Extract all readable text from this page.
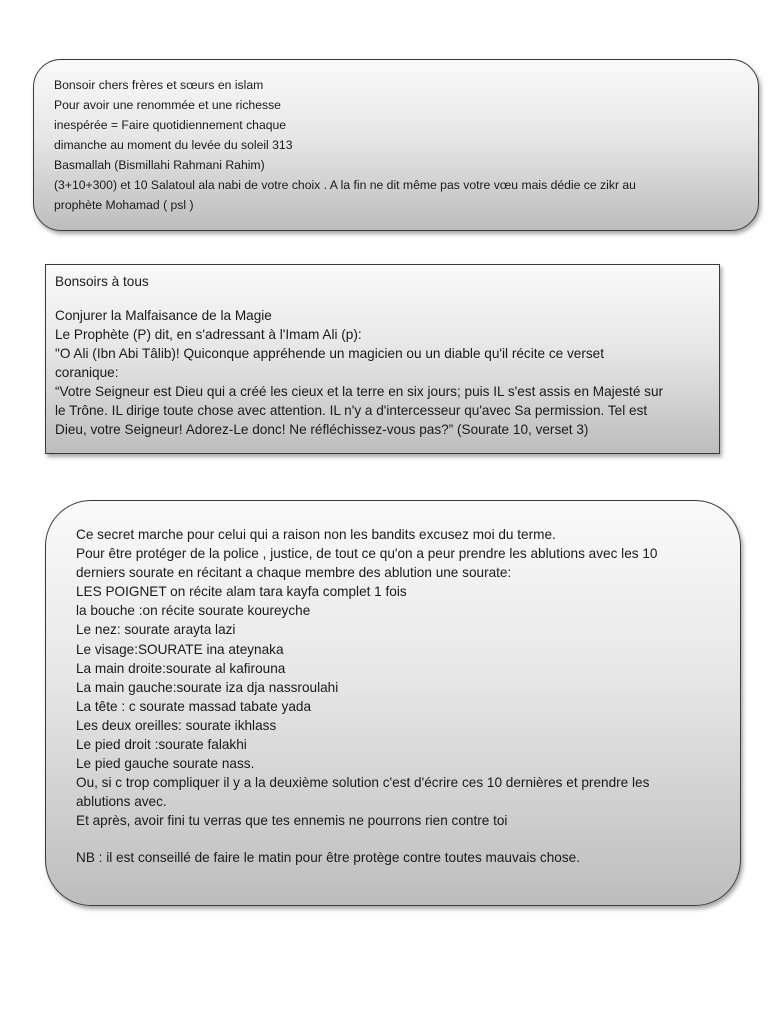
Bonsoir chers frères et sœurs en islam
Pour avoir une renommée et une richesse
inespérée = Faire quotidiennement chaque
dimanche au moment du levée du soleil 313
Basmallah (Bismillahi Rahmani Rahim)
(3+10+300) et 10 Salatoul ala nabi de votre choix . A la fin ne dit même pas votre vœu mais dédie ce zikr au
prophète Mohamad ( psl )
Bonsoirs à tous
Conjurer la Malfaisance de la Magie
Le Prophète (P) dit, en s'adressant à l'Imam Ali (p):
"O Ali (Ibn Abi Tâlib)! Quiconque appréhende un magicien ou un diable qu'il récite ce verset
coranique:
“Votre Seigneur est Dieu qui a créé les cieux et la terre en six jours; puis IL s'est assis en Majesté sur
le Trône. IL dirige toute chose avec attention. IL n'y a d'intercesseur qu'avec Sa permission. Tel est
Dieu, votre Seigneur! Adorez-Le donc! Ne réfléchissez-vous pas?” (Sourate 10, verset 3)
Ce secret marche pour celui qui a raison non les bandits excusez moi du terme.
Pour être protéger de la police , justice, de tout ce qu'on a peur prendre les ablutions avec les 10
derniers sourate en récitant a chaque membre des ablution une sourate:
LES POIGNET on récite alam tara kayfa complet 1 fois
la bouche :on récite sourate koureyche
Le nez: sourate arayta lazi
Le visage:SOURATE ina ateynaka
La main droite:sourate al kafirouna
La main gauche:sourate iza dja nassroulahi
La tête : c sourate massad tabate yada
Les deux oreilles: sourate ikhlass
Le pied droit :sourate falakhi
Le pied gauche sourate nass.
Ou, si c trop compliquer il y a la deuxième solution c'est d'écrire ces 10 dernières et prendre les
ablutions avec.
Et après, avoir fini tu verras que tes ennemis ne pourrons rien contre toi
NB : il est conseillé de faire le matin pour être protège contre toutes mauvais chose.
